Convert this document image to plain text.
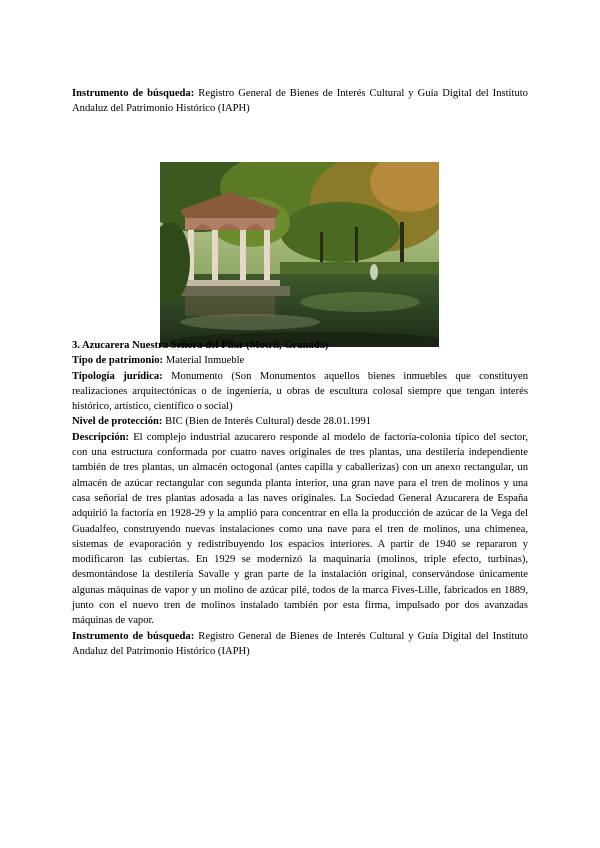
Instrumento de búsqueda: Registro General de Bienes de Interés Cultural y Guía Digital del Instituto Andaluz del Patrimonio Histórico (IAPH)

3. Azucarera Nuestra Señora del Pilar (Motril, Granada)

Tipo de patrimonio: Material Inmueble

Tipología jurídica: Monumento (Son Monumentos aquellos bienes inmuebles que constituyen realizaciones arquitectónicas o de ingeniería, u obras de escultura colosal siempre que tengan interés histórico, artístico, científico o social)

Nivel de protección: BIC (Bien de Interés Cultural) desde 28.01.1991

Descripción: El complejo industrial azucarero responde al modelo de factoría-colonia típico del sector, con una estructura conformada por cuatro naves originales de tres plantas, una destilería independiente también de tres plantas, un almacén octogonal (antes capilla y caballerizas) con un anexo rectangular, un almacén de azúcar rectangular con segunda planta interior, una gran nave para el tren de molinos y una casa señorial de tres plantas adosada a las naves originales. La Sociedad General Azucarera de España adquirió la factoría en 1928-29 y la amplió para concentrar en ella la producción de azúcar de la Vega del Guadalfeo, construyendo nuevas instalaciones como una nave para el tren de molinos, una chimenea, sistemas de evaporación y redistribuyendo los espacios interiores. A partir de 1940 se repararon y modificaron las cubiertas. En 1929 se modernizó la maquinaria (molinos, triple efecto, turbinas), desmontándose la destilería Savalle y gran parte de la instalación original, conservándose únicamente algunas máquinas de vapor y un molino de azúcar pilé, todos de la marca Fives-Lille, fabricados en 1889, junto con el nuevo tren de molinos instalado también por esta firma, impulsado por dos avanzadas máquinas de vapor.

Instrumento de búsqueda: Registro General de Bienes de Interés Cultural y Guía Digital del Instituto Andaluz del Patrimonio Histórico (IAPH)
